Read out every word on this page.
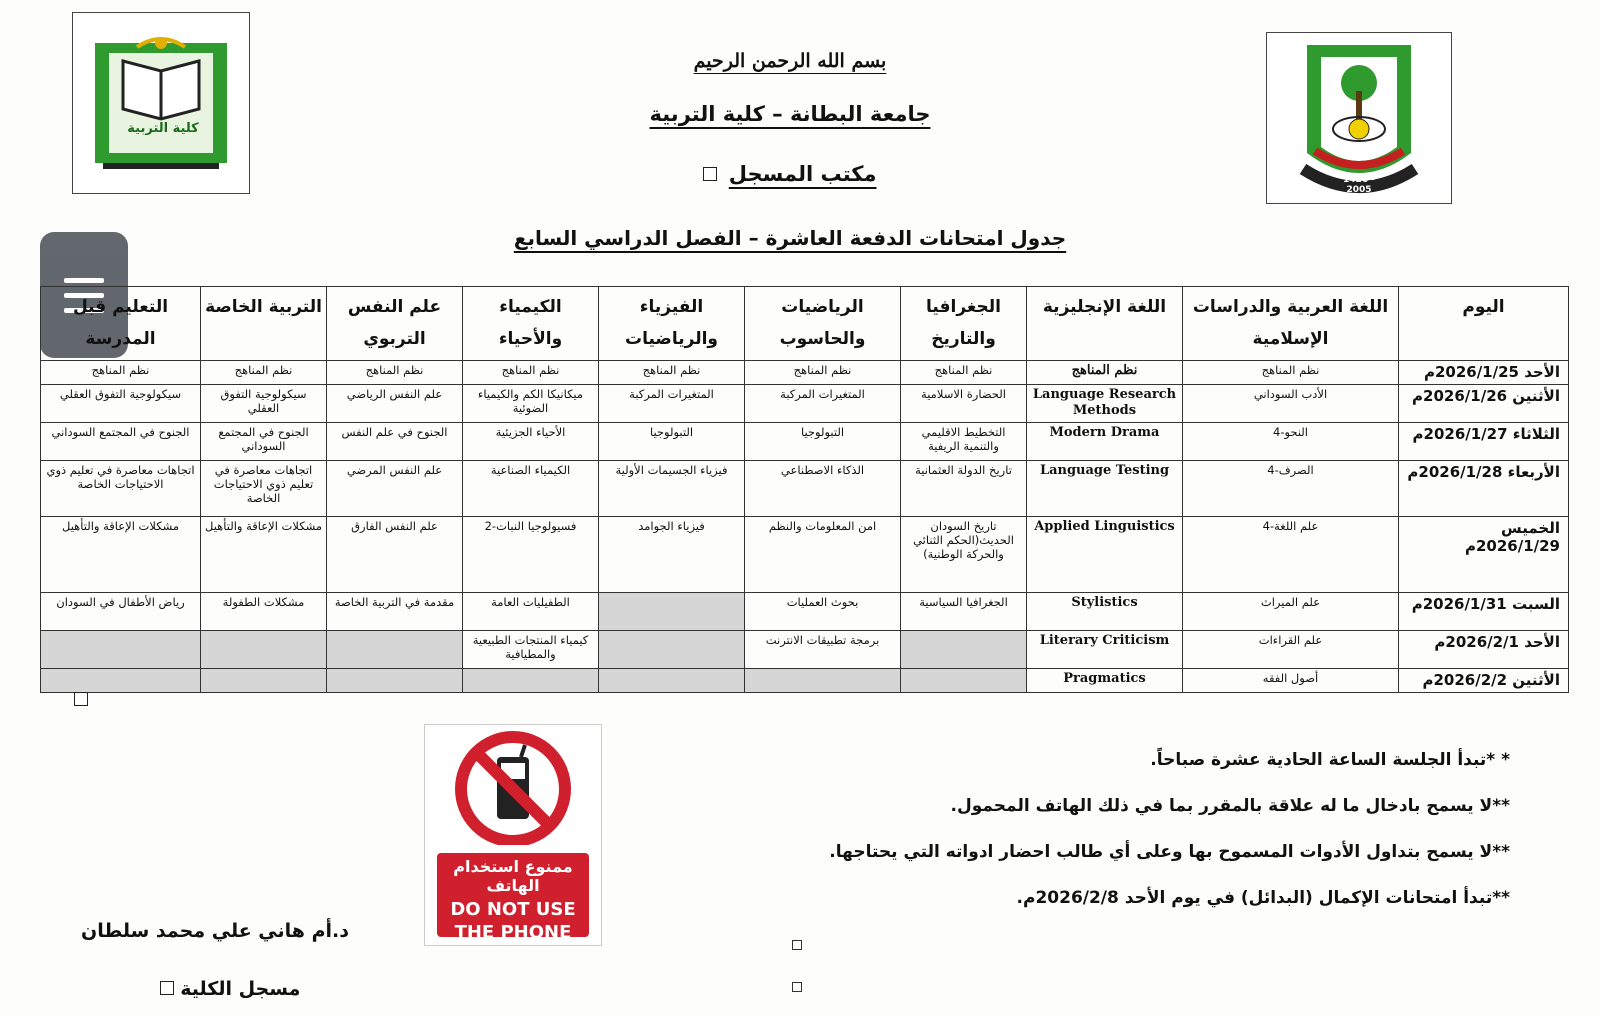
كلية التربية
1426 - 2005
بسم الله الرحمن الرحيم
جامعة البطانة – كلية التربية
مكتب المسجل
جدول امتحانات الدفعة العاشرة – الفصل الدراسي السابع
اليوم	اللغة العربية والدراسات الإسلامية	اللغة الإنجليزية	الجغرافيا والتاريخ	الرياضيات والحاسوب	الفيزياء والرياضيات	الكيمياء والأحياء	علم النفس التربوي	التربية الخاصة	التعليم قبل المدرسة
الأحد 2026/1/25م	نظم المناهج	نظم المناهج	نظم المناهج	نظم المناهج	نظم المناهج	نظم المناهج	نظم المناهج	نظم المناهج	نظم المناهج
الأثنين 2026/1/26م	الأدب السوداني	Language Research Methods	الحضارة الاسلامية	المتغيرات المركبة	المتغيرات المركبة	ميكانيكا الكم والكيمياء الضوئية	علم النفس الرياضي	سيكولوجية التفوق العقلي	سيكولوجية التفوق العقلي
الثلاثاء 2026/1/27م	النحو-4	Modern Drama	التخطيط الاقليمي والتنمية الريفية	التبولوجيا	التبولوجيا	الأحياء الجزيئية	الجنوح في علم النفس	الجنوح في المجتمع السوداني	الجنوح في المجتمع السوداني
الأربعاء 2026/1/28م	الصرف-4	Language Testing	تاريخ الدولة العثمانية	الذكاء الاصطناعي	فيزياء الجسيمات الأولية	الكيمياء الصناعية	علم النفس المرضي	اتجاهات معاصرة في تعليم ذوي الاحتياجات الخاصة	اتجاهات معاصرة في تعليم ذوي الاحتياجات الخاصة
الخميس 2026/1/29م	علم اللغة-4	Applied Linguistics	تاريخ السودان الحديث(الحكم الثنائي والحركة الوطنية)	امن المعلومات والنظم	فيزياء الجوامد	فسيولوجيا النبات-2	علم النفس الفارق	مشكلات الإعاقة والتأهيل	مشكلات الإعاقة والتأهيل
السبت 2026/1/31م	علم الميراث	Stylistics	الجغرافيا السياسية	بحوث العمليات		الطفيليات العامة	مقدمة في التربية الخاصة	مشكلات الطفولة	رياض الأطفال في السودان
الأحد 2026/2/1م	علم القراءات	Literary Criticism		برمجة تطبيقات الانترنت		كيمياء المنتجات الطبيعية والمطيافية			
الأثنين 2026/2/2م	أصول الفقه	Pragmatics							
* *تبدأ الجلسة الساعة الحادية عشرة صباحاً.
**لا يسمح بادخال ما له علاقة بالمقرر بما في ذلك الهاتف المحمول.
**لا يسمح بتداول الأدوات المسموح بها وعلى أي طالب احضار ادواته التي يحتاجها.
**تبدأ امتحانات الإكمال (البدائل) في يوم الأحد 2026/2/8م.
ممنوع استخدام الهاتف
DO NOT USE
THE PHONE
د.أم هاني علي محمد سلطان
مسجل الكلية
